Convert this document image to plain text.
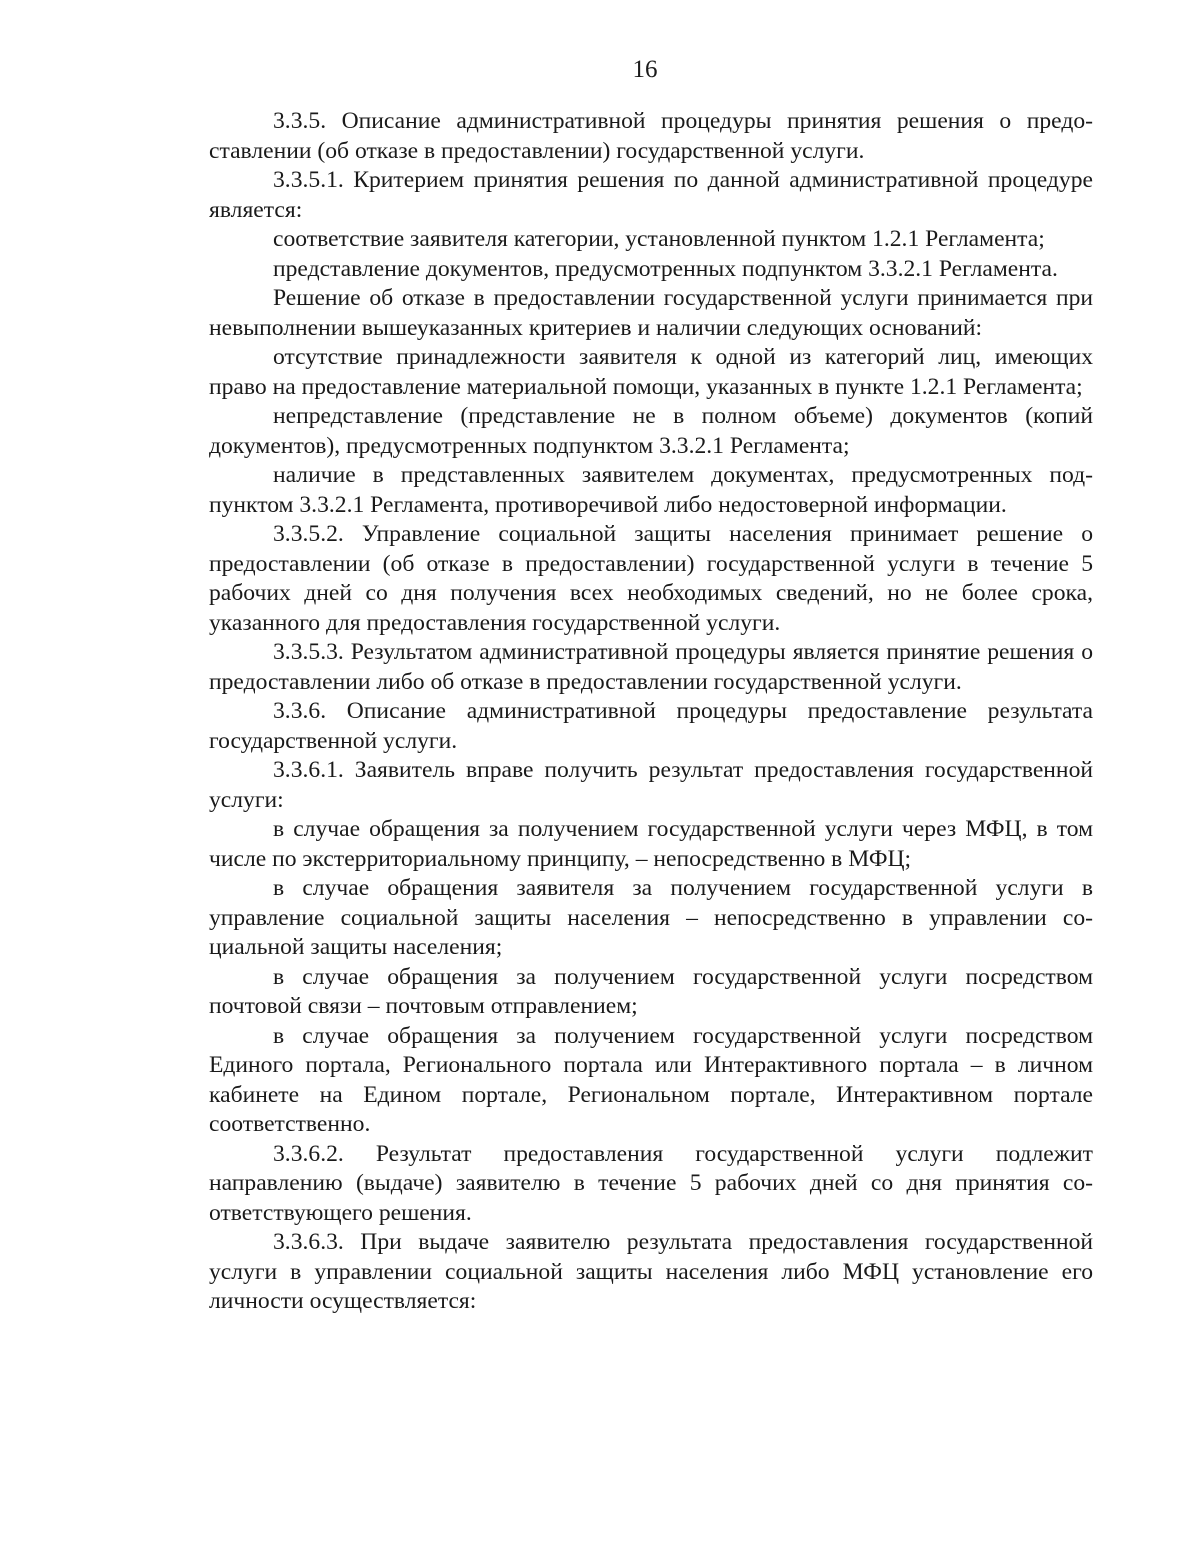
16

3.3.5. Описание административной процедуры принятия решения о предоставлении (об отказе в предоставлении) государственной услуги.

3.3.5.1. Критерием принятия решения по данной административной процедуре является:

соответствие заявителя категории, установленной пунктом 1.2.1 Регламента;

представление документов, предусмотренных подпунктом 3.3.2.1 Регламента.

Решение об отказе в предоставлении государственной услуги принимается при невыполнении вышеуказанных критериев и наличии следующих оснований:

отсутствие принадлежности заявителя к одной из категорий лиц, имеющих право на предоставление материальной помощи, указанных в пункте 1.2.1 Регламента;

непредставление (представление не в полном объеме) документов (копий документов), предусмотренных подпунктом 3.3.2.1 Регламента;

наличие в представленных заявителем документах, предусмотренных подпунктом 3.3.2.1 Регламента, противоречивой либо недостоверной информации.

3.3.5.2. Управление социальной защиты населения принимает решение о предоставлении (об отказе в предоставлении) государственной услуги в течение 5 рабочих дней со дня получения всех необходимых сведений, но не более срока, указанного для предоставления государственной услуги.

3.3.5.3. Результатом административной процедуры является принятие решения о предоставлении либо об отказе в предоставлении государственной услуги.

3.3.6. Описание административной процедуры предоставление результата государственной услуги.

3.3.6.1. Заявитель вправе получить результат предоставления государственной услуги:

в случае обращения за получением государственной услуги через МФЦ, в том числе по экстерриториальному принципу, – непосредственно в МФЦ;

в случае обращения заявителя за получением государственной услуги в управление социальной защиты населения – непосредственно в управлении социальной защиты населения;

в случае обращения за получением государственной услуги посредством почтовой связи – почтовым отправлением;

в случае обращения за получением государственной услуги посредством Единого портала, Регионального портала или Интерактивного портала – в личном кабинете на Едином портале, Региональном портале, Интерактивном портале соответственно.

3.3.6.2. Результат предоставления государственной услуги подлежит направлению (выдаче) заявителю в течение 5 рабочих дней со дня принятия соответствующего решения.

3.3.6.3. При выдаче заявителю результата предоставления государственной услуги в управлении социальной защиты населения либо МФЦ установление его личности осуществляется:
